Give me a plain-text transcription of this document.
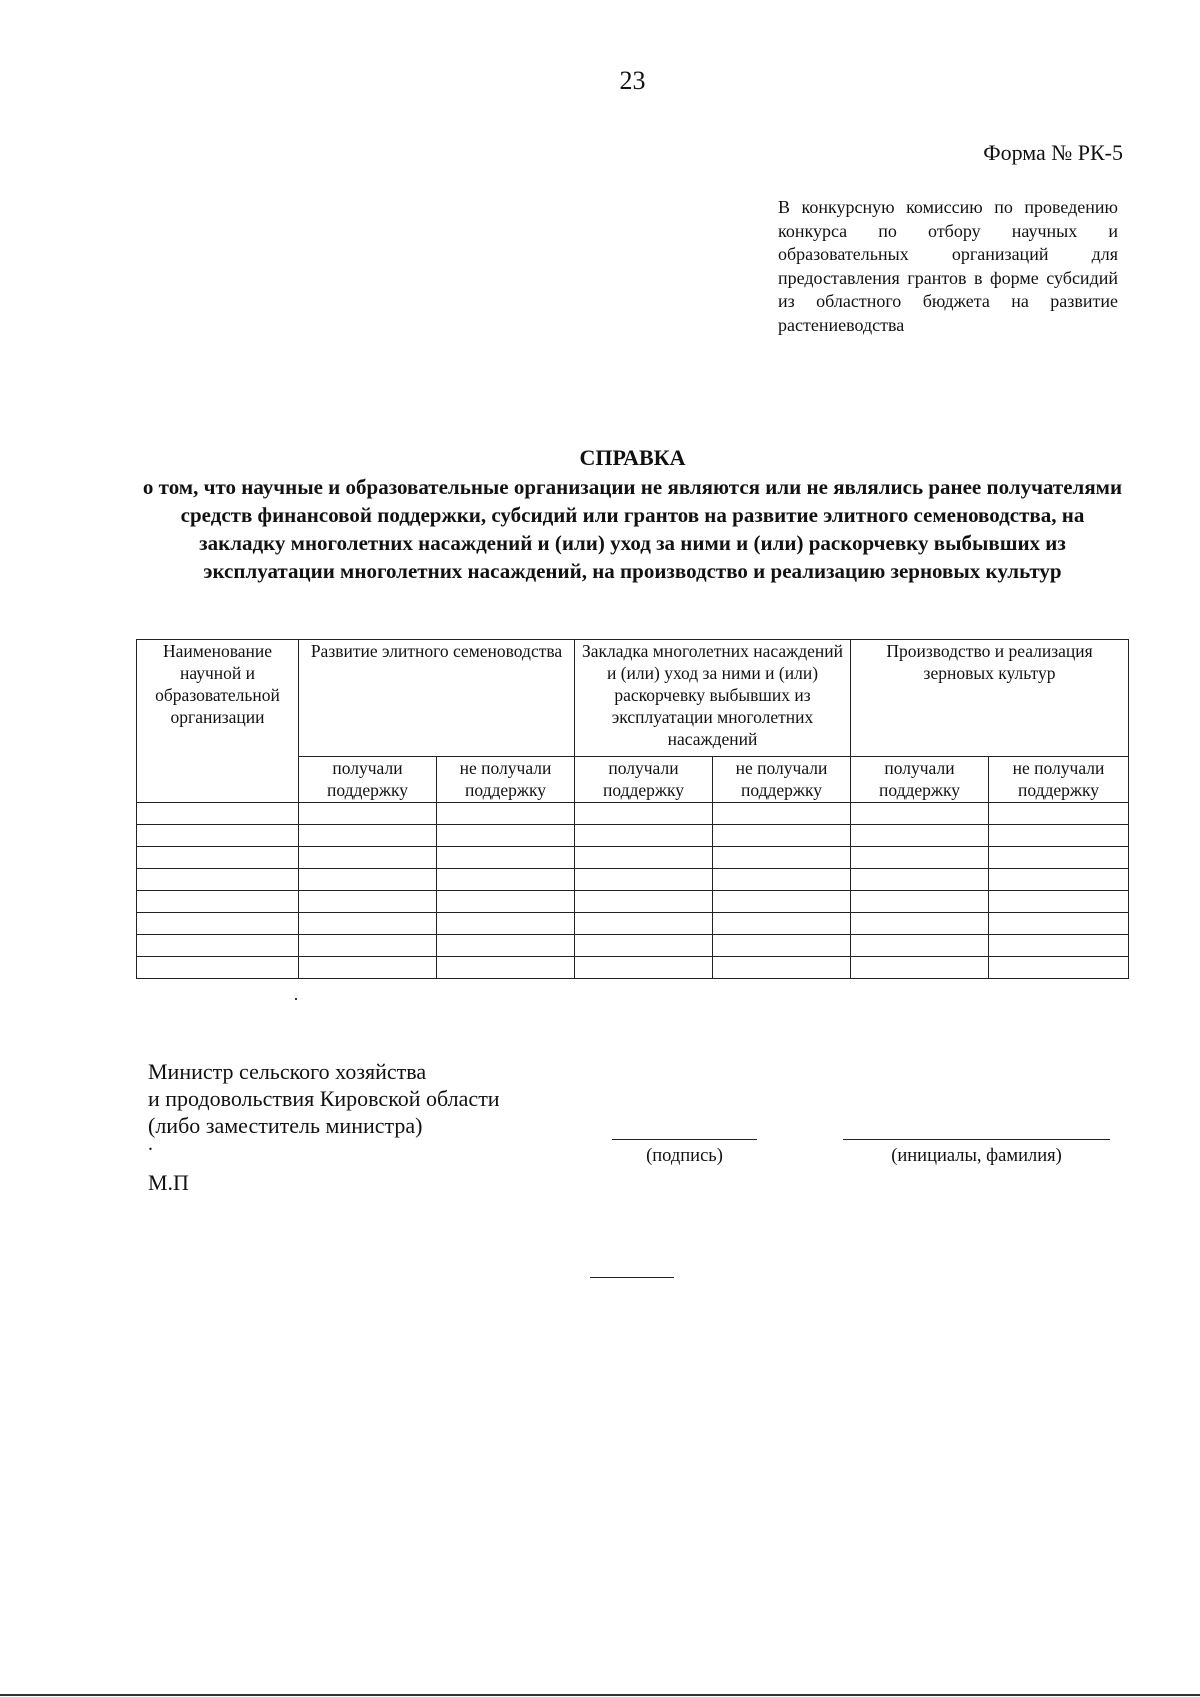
23
Форма № РК-5
В конкурсную комиссию по проведению конкурса по отбору научных и образовательных организаций для предоставления грантов в форме субсидий из областного бюджета на развитие растениеводства
СПРАВКА
о том, что научные и образовательные организации не являются или не являлись ранее получателями средств финансовой поддержки, субсидий или грантов на развитие элитного семеноводства, на закладку многолетних насаждений и (или) уход за ними и (или) раскорчевку выбывших из эксплуатации многолетних насаждений, на производство и реализацию зерновых культур
Наименование научной и образовательной организации	Развитие элитного семеноводства		Закладка многолетних насаждений и (или) уход за ними и (или) раскорчевку выбывших из эксплуатации многолетних насаждений		Производство и реализация зерновых культур	
	получали поддержку	не получали поддержку	получали поддержку	не получали поддержку	получали поддержку	не получали поддержку

Министр сельского хозяйства
и продовольствия Кировской области
(либо заместитель министра)
.
М.П
(подпись)	(инициалы, фамилия)
